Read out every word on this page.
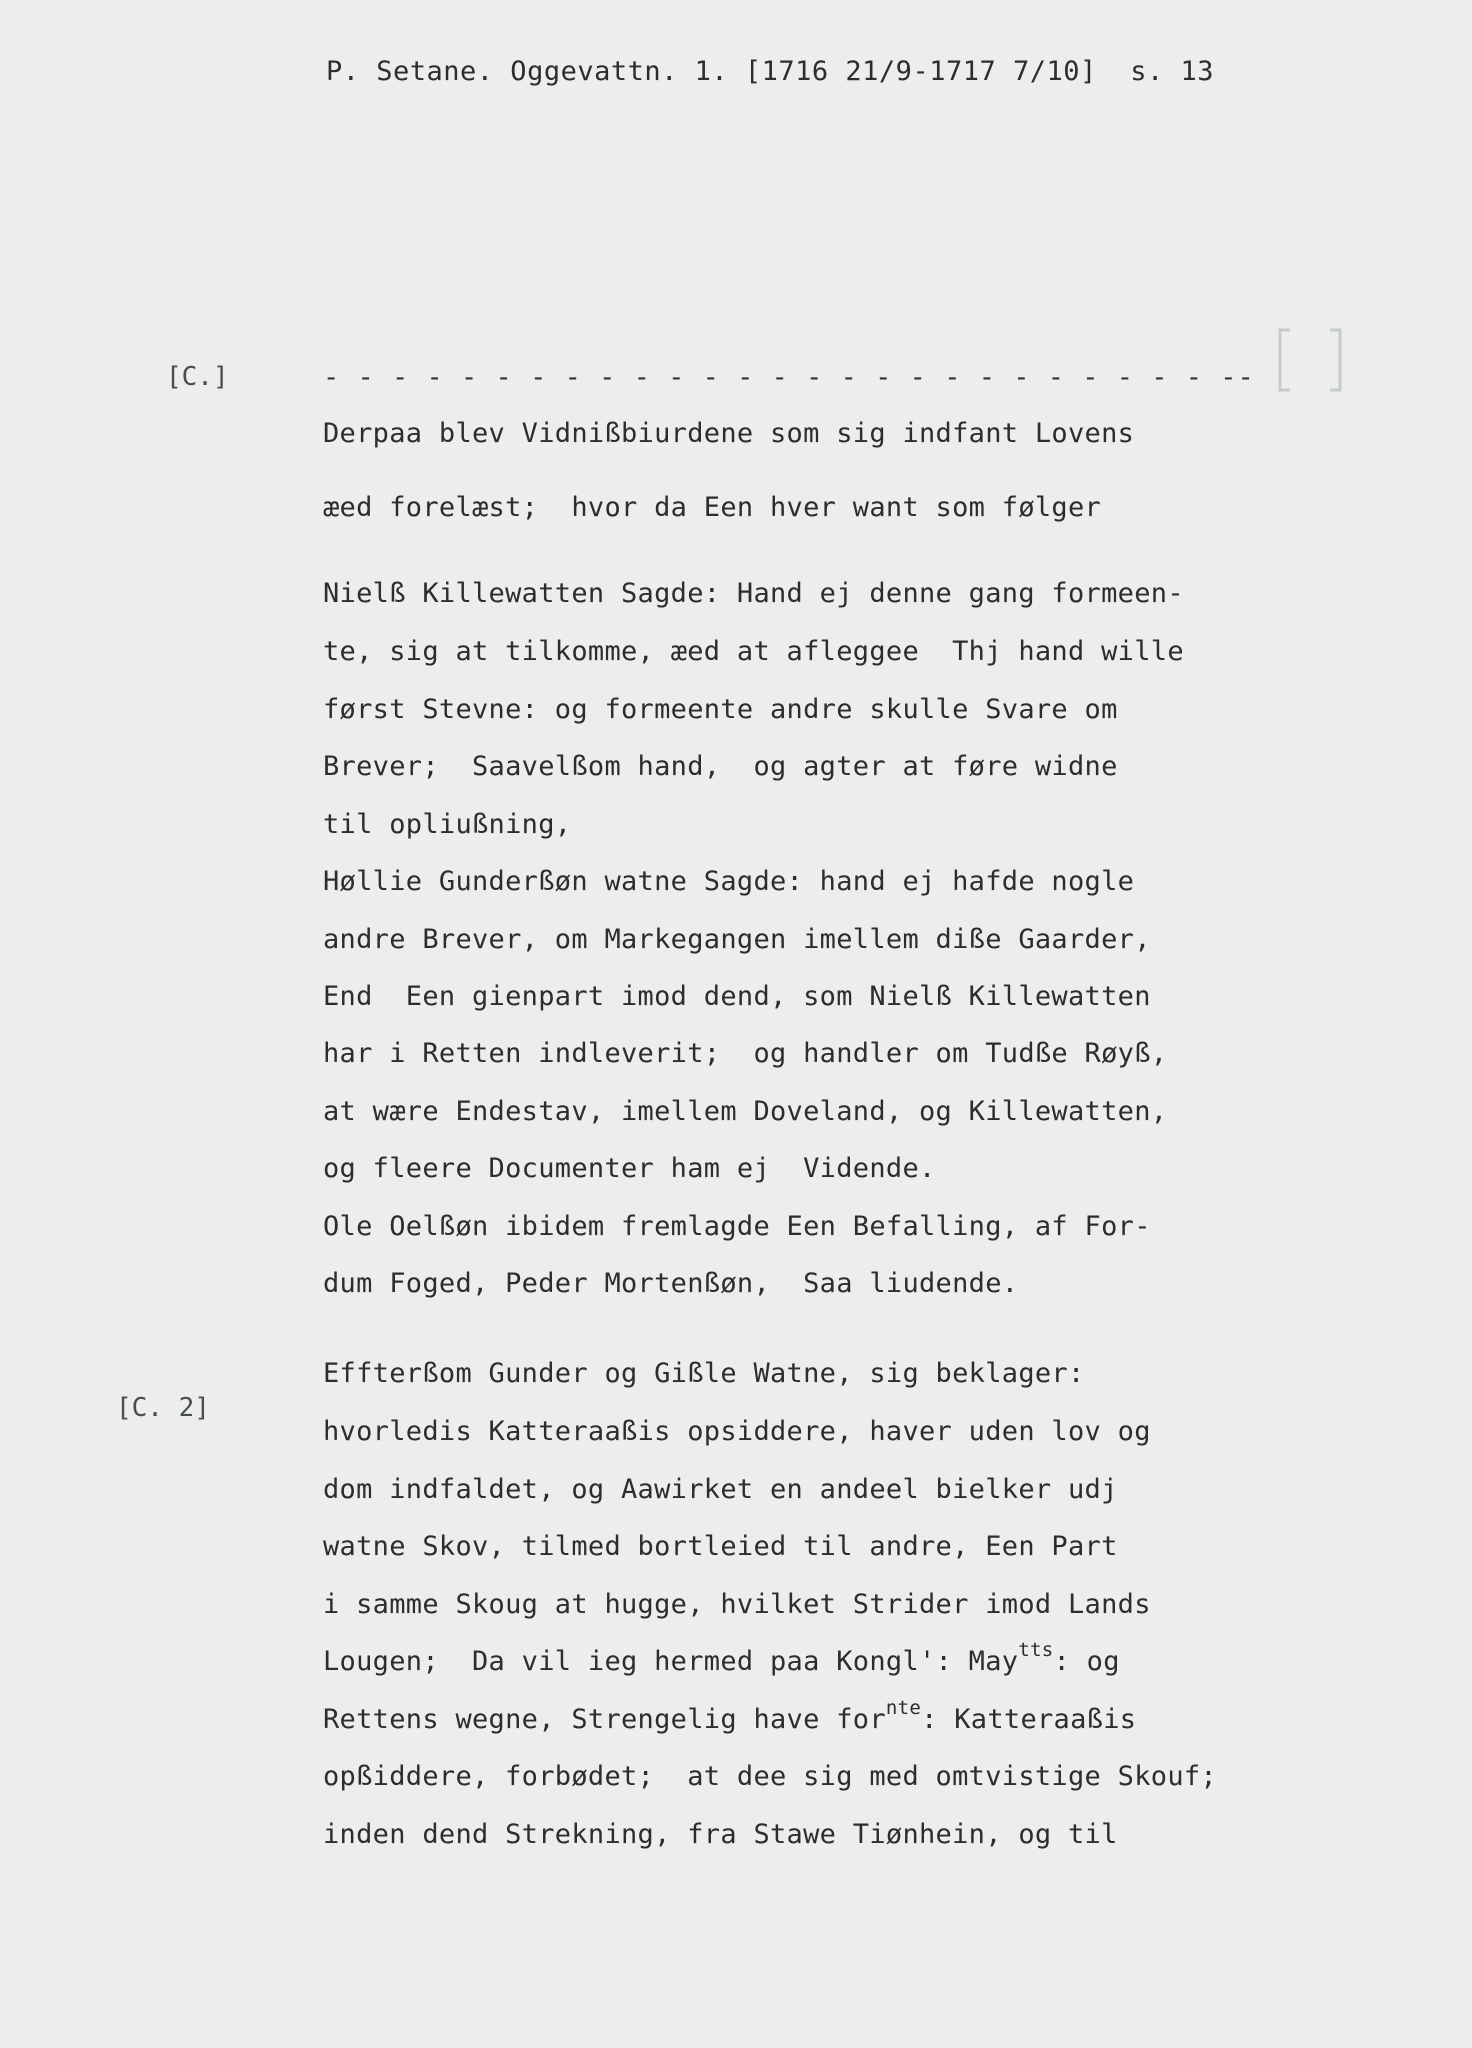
P. Setane. Oggevattn. 1. [1716 21/9-1717 7/10]  s. 13
[C.]
[C. 2]
- - - - - - - - - - - - - - - - - - - - - - - - - - --
Derpaa blev Vidnißbiurdene som sig indfant Lovens
æed forelæst;  hvor da Een hver want som følger
Nielß Killewatten Sagde: Hand ej denne gang formeen-
te, sig at tilkomme, æed at afleggee  Thj hand wille
først Stevne: og formeente andre skulle Svare om
Brever;  Saavelßom hand,  og agter at føre widne
til opliußning,
Høllie Gunderßøn watne Sagde: hand ej hafde nogle
andre Brever, om Markegangen imellem dißе Gaarder,
End  Een gienpart imod dend, som Nielß Killewatten
har i Retten indleverit;  og handler om Tudße Røyß,
at wære Endestav, imellem Doveland, og Killewatten,
og fleere Documenter ham ej  Vidende.
Ole Oelßøn ibidem fremlagde Een Befalling, af For-
dum Foged, Peder Mortenßøn,  Saa liudende.
Effterßom Gunder og Gißle Watne, sig beklager:
hvorledis Katteraaßis opsiddere, haver uden lov og
dom indfaldet, og Aawirket en andeel bielker udj
watne Skov, tilmed bortleied til andre, Een Part
i samme Skoug at hugge, hvilket Strider imod Lands
Lougen;  Da vil ieg hermed paa Kongl': May$^{tts}$: og
Rettens wegne, Strengelig have for$^{nte}$: Katteraaßis
opßiddere, forbødet;  at dee sig med omtvistige Skouf;
inden dend Strekning, fra Stawe Tiønhein, og til
